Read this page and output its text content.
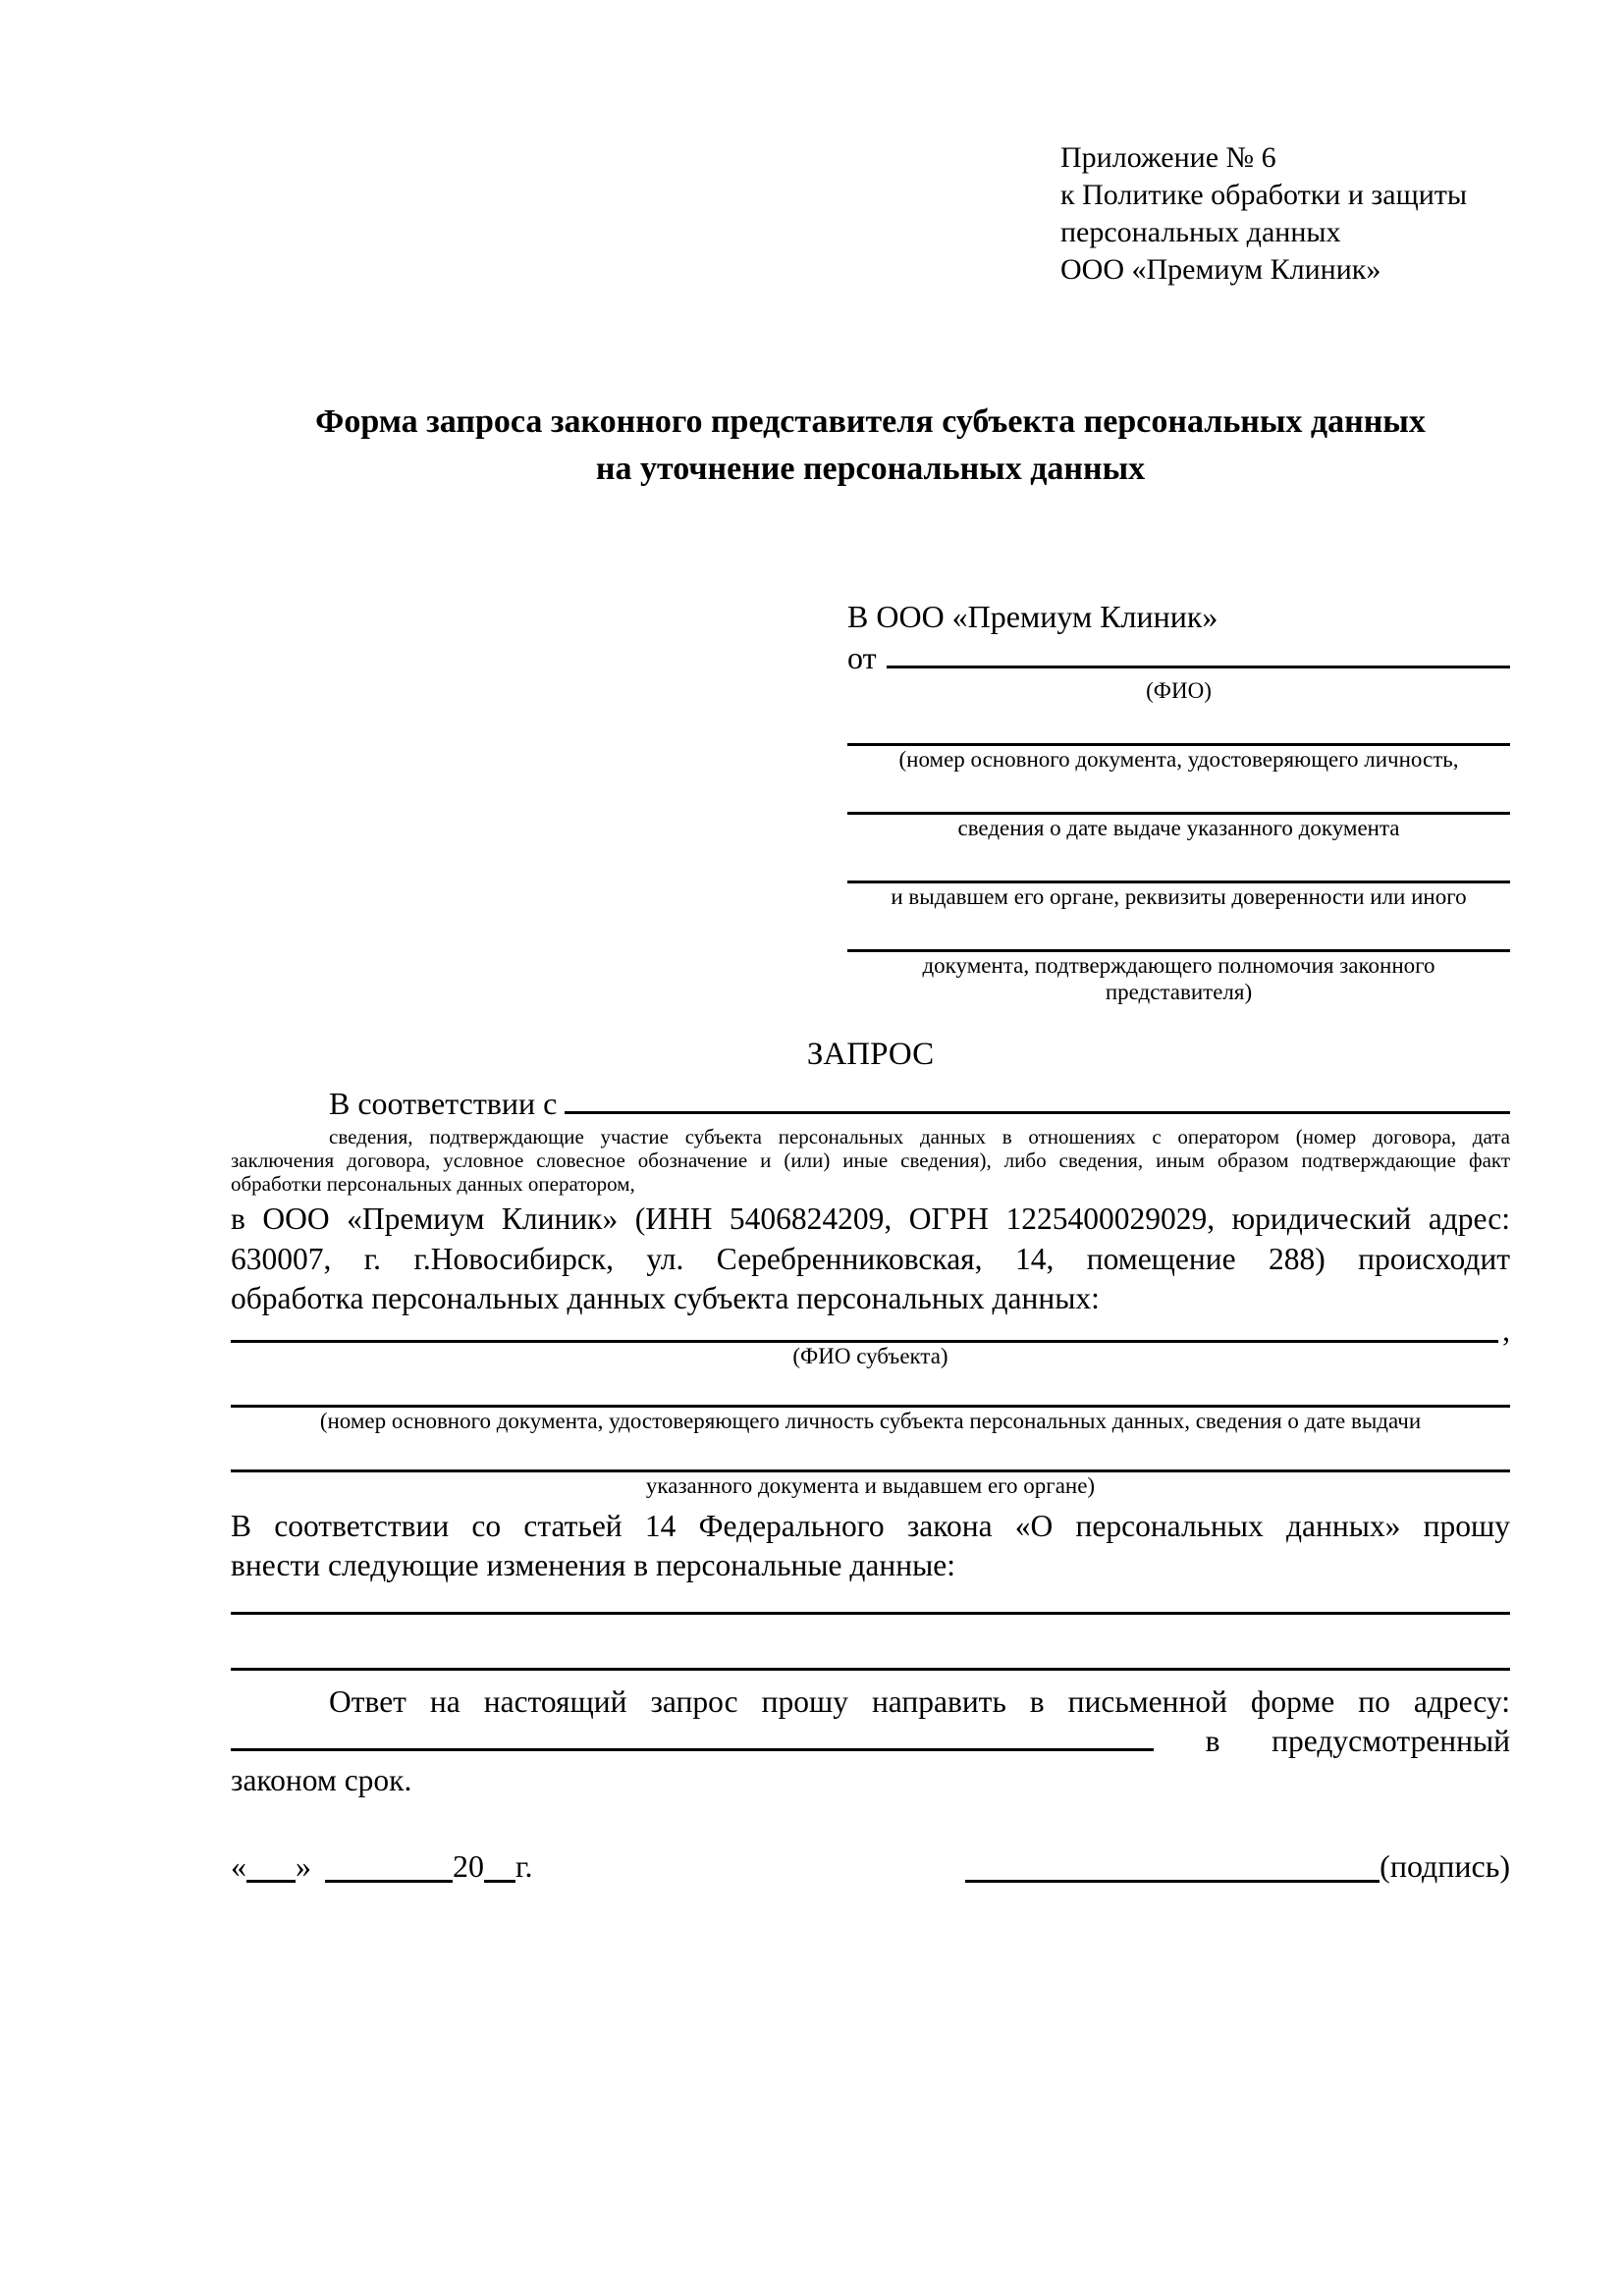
Приложение № 6
к Политике обработки и защиты
персональных данных
ООО «Премиум Клиник»
Форма запроса законного представителя субъекта персональных данных
на уточнение персональных данных
В ООО «Премиум Клиник»
от
(ФИО)
(номер основного документа, удостоверяющего личность,
сведения о дате выдаче указанного документа
и выдавшем его органе, реквизиты доверенности или иного
документа, подтверждающего полномочия законного представителя)
ЗАПРОС
В соответствии с
сведения, подтверждающие участие субъекта персональных данных в отношениях с оператором (номер договора, дата
заключения договора, условное словесное обозначение и (или) иные сведения), либо сведения, иным образом подтверждающие факт
обработки персональных данных оператором,
в ООО «Премиум Клиник» (ИНН 5406824209, ОГРН 1225400029029, юридический адрес:
630007, г. г.Новосибирск, ул. Серебренниковская, 14, помещение 288) происходит
обработка персональных данных субъекта персональных данных:
,
(ФИО субъекта)
(номер основного документа, удостоверяющего личность субъекта персональных данных, сведения о дате выдачи
указанного документа и выдавшем его органе)
В соответствии со статьей 14 Федерального закона «О персональных данных» прошу
внести следующие изменения в персональные данные:
Ответ на настоящий запрос прошу направить в письменной форме по адресу:
в предусмотренный
законом срок.
« »	20 г.	(подпись)
